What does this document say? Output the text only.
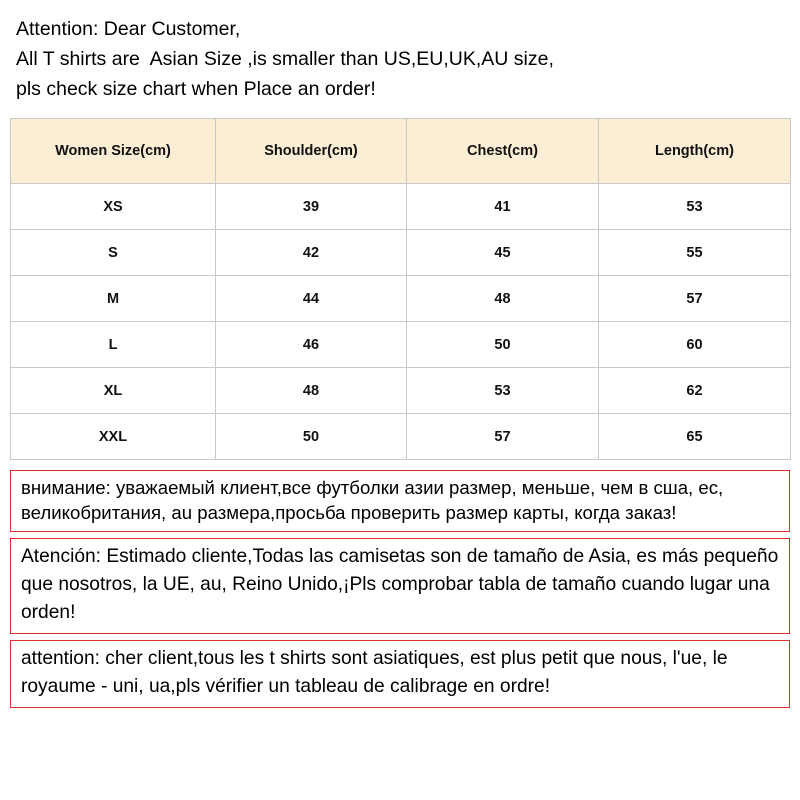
Attention: Dear Customer,
All T shirts are  Asian Size ,is smaller than US,EU,UK,AU size,
pls check size chart when Place an order!
Women Size(cm)	Shoulder(cm)	Chest(cm)	Length(cm)
XS	39	41	53
S	42	45	55
M	44	48	57
L	46	50	60
XL	48	53	62
XXL	50	57	65
внимание: уважаемый клиент,все футболки азии размер, меньше, чем в сша, ес, великобритания, au размера,просьба проверить размер карты, когда заказ!
Atención: Estimado cliente,Todas las camisetas son de tamaño de Asia, es más pequeño que nosotros, la UE, au, Reino Unido,¡Pls comprobar tabla de tamaño cuando lugar una orden!
attention: cher client,tous les t shirts sont asiatiques, est plus petit que nous, l'ue, le royaume - uni, ua,pls vérifier un tableau de calibrage en ordre!
